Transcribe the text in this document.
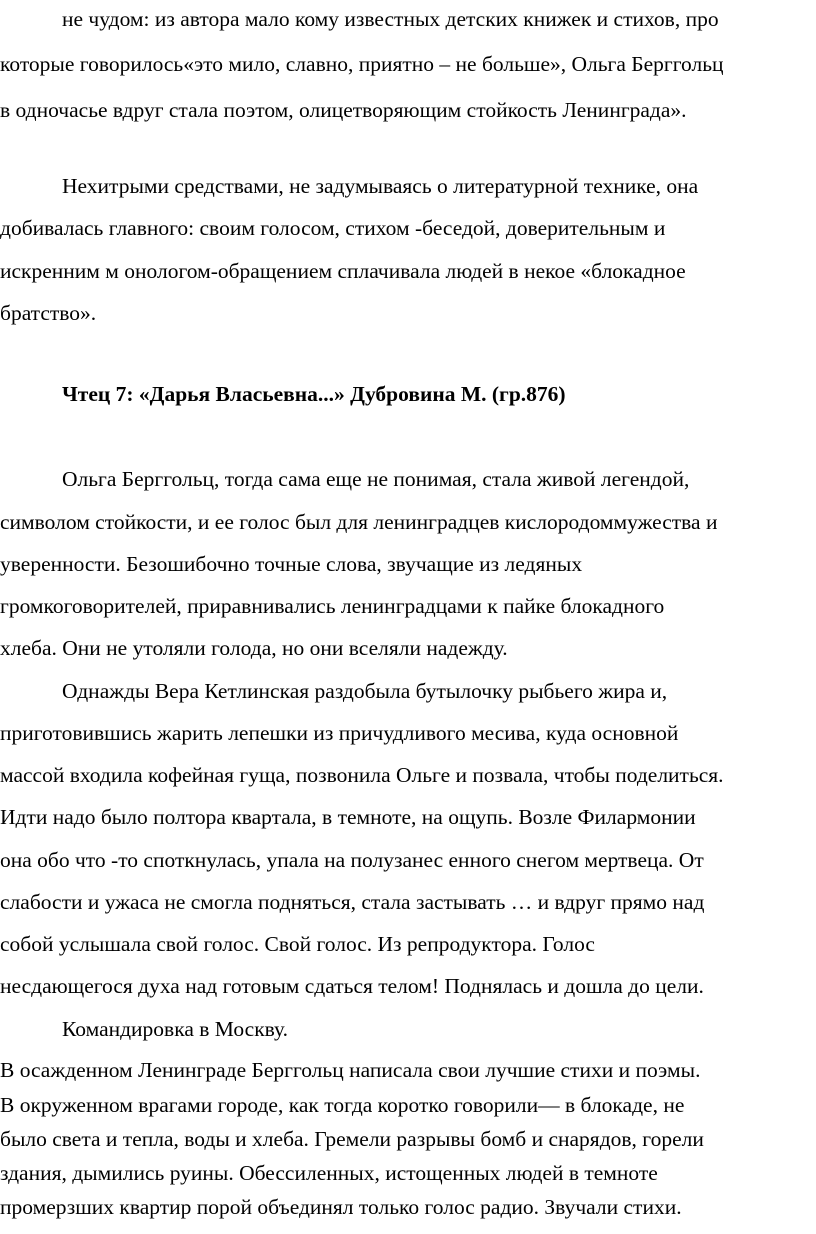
не чудом: из автора мало кому известных детских книжек и стихов, про
которые говорилось«это мило, славно, приятно – не больше», Ольга Берггольц
в одночасье вдруг стала поэтом, олицетворяющим стойкость Ленинграда».
Нехитрыми средствами, не задумываясь о литературной технике, она
добивалась главного: своим голосом, стихом -беседой, доверительным и
искренним м онологом-обращением сплачивала людей в некое «блокадное
братство».
Чтец 7: «Дарья Власьевна...» Дубровина М. (гр.876)
Ольга Берггольц, тогда сама еще не понимая, стала живой легендой,
символом стойкости, и ее голос был для ленинградцев кислородоммужества и
уверенности. Безошибочно точные слова, звучащие из ледяных
громкоговорителей, приравнивались ленинградцами к пайке блокадного
хлеба. Они не утоляли голода, но они вселяли надежду.
Однажды Вера Кетлинская раздобыла бутылочку рыбьего жира и,
приготовившись жарить лепешки из причудливого месива, куда основной
массой входила кофейная гуща, позвонила Ольге и позвала, чтобы поделиться.
Идти надо было полтора квартала, в темноте, на ощупь. Возле Филармонии
она обо что -то споткнулась, упала на полузанес енного снегом мертвеца. От
слабости и ужаса не смогла подняться, стала застывать … и вдруг прямо над
собой услышала свой голос. Свой голос. Из репродуктора. Голос
несдающегося духа над готовым сдаться телом! Поднялась и дошла до цели.
Командировка в Москву.
В осажденном Ленинграде Берггольц написала свои лучшие стихи и поэмы.
В окруженном врагами городе, как тогда коротко говорили— в блокаде, не
было света и тепла, воды и хлеба. Гремели разрывы бомб и снарядов, горели
здания, дымились руины. Обессиленных, истощенных людей в темноте
промерзших квартир порой объединял только голос радио. Звучали стихи.
